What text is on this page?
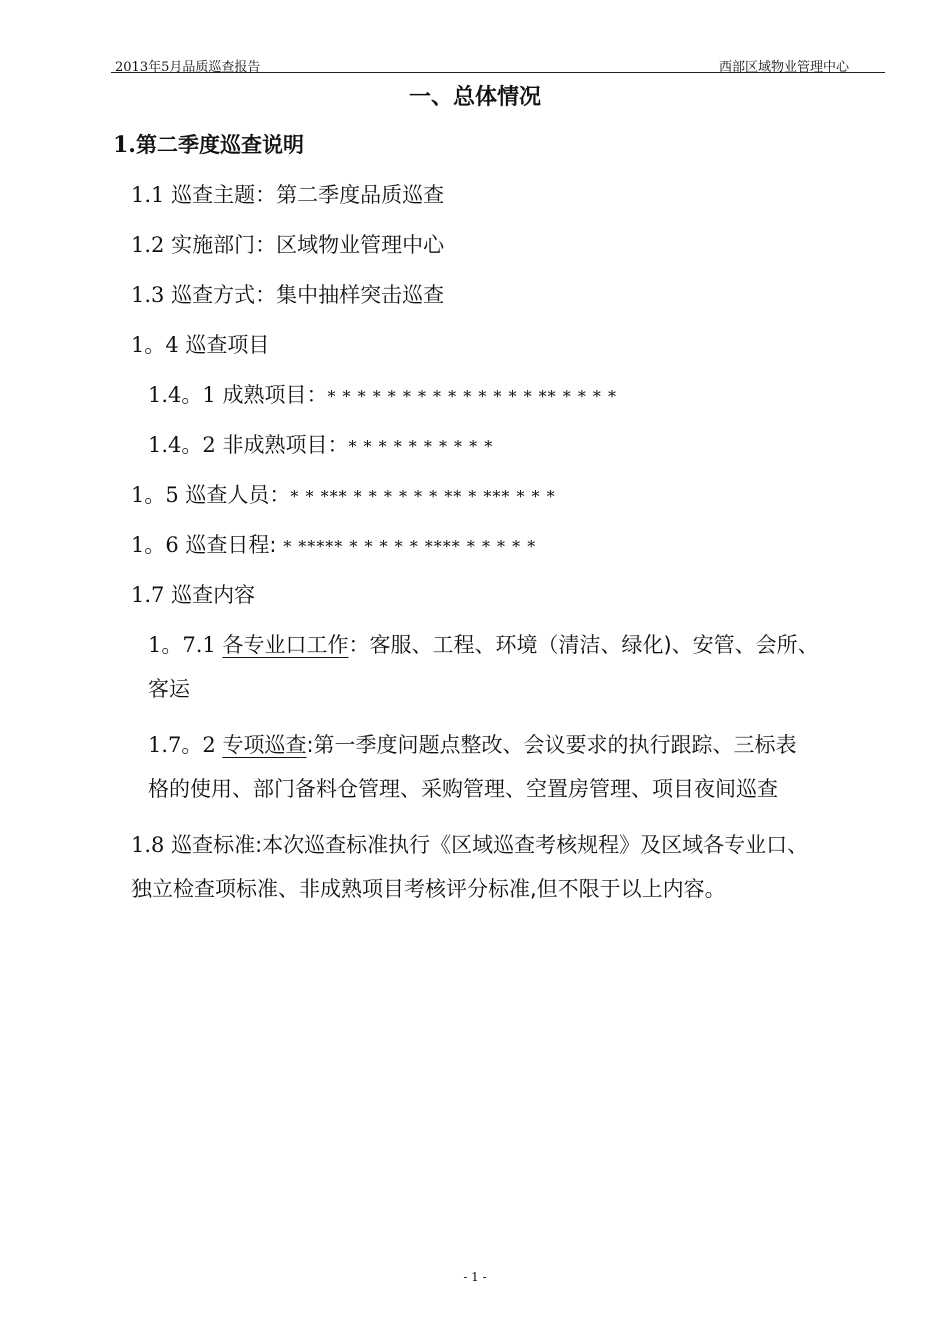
2013年5月品质巡查报告	西部区域物业管理中心
一、总体情况
1.第二季度巡查说明
1.1 巡查主题：第二季度品质巡查
1.2 实施部门：区域物业管理中心
1.3 巡查方式：集中抽样突击巡查
1。4 巡查项目
1.4。1 成熟项目：* * * * * * * * * * * * * * ** * * * *
1.4。2 非成熟项目：* * * * * * * * * *
1。5 巡查人员：* * *** * * * * * * ** * *** * * *
1。6 巡查日程: * ***** * * * * * **** * * * * *
1.7 巡查内容
1。7.1 各专业口工作：客服、工程、环境（清洁、绿化)、安管、会所、
客运
1.7。2 专项巡查:第一季度问题点整改、会议要求的执行跟踪、三标表
格的使用、部门备料仓管理、采购管理、空置房管理、项目夜间巡查
1.8 巡查标准:本次巡查标准执行《区域巡查考核规程》及区域各专业口、
独立检查项标准、非成熟项目考核评分标准,但不限于以上内容。
- 1 -
